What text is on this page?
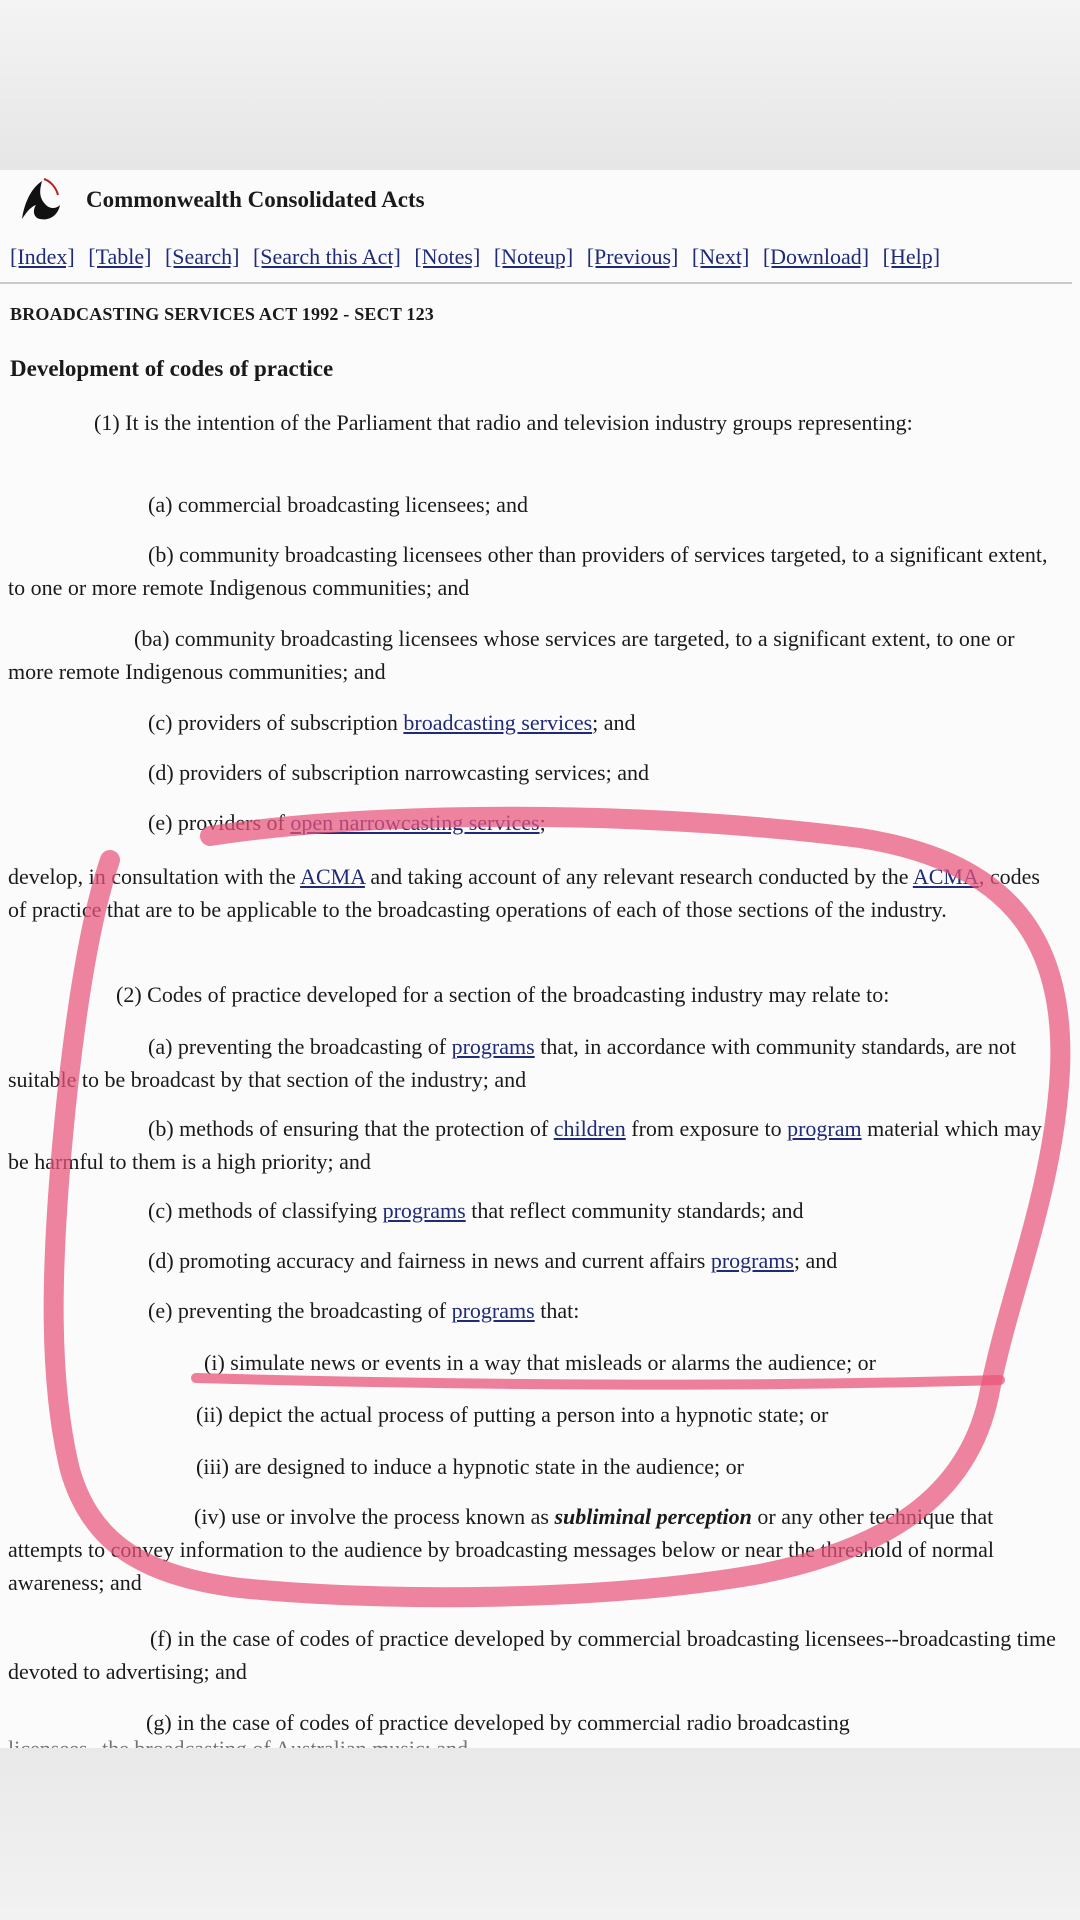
Commonwealth Consolidated Acts
[Index] [Table] [Search] [Search this Act] [Notes] [Noteup] [Previous] [Next] [Download] [Help]
BROADCASTING SERVICES ACT 1992 - SECT 123
Development of codes of practice

(1) It is the intention of the Parliament that radio and television industry groups representing:

(a) commercial broadcasting licensees; and

(b) community broadcasting licensees other than providers of services targeted, to a significant extent, to one or more remote Indigenous communities; and

(ba) community broadcasting licensees whose services are targeted, to a significant extent, to one or more remote Indigenous communities; and

(c) providers of subscription broadcasting services; and

(d) providers of subscription narrowcasting services; and

(e) providers of open narrowcasting services;

develop, in consultation with the ACMA and taking account of any relevant research conducted by the ACMA, codes of practice that are to be applicable to the broadcasting operations of each of those sections of the industry.

(2) Codes of practice developed for a section of the broadcasting industry may relate to:

(a) preventing the broadcasting of programs that, in accordance with community standards, are not suitable to be broadcast by that section of the industry; and

(b) methods of ensuring that the protection of children from exposure to program material which may be harmful to them is a high priority; and

(c) methods of classifying programs that reflect community standards; and

(d) promoting accuracy and fairness in news and current affairs programs; and

(e) preventing the broadcasting of programs that:

(i) simulate news or events in a way that misleads or alarms the audience; or

(ii) depict the actual process of putting a person into a hypnotic state; or

(iii) are designed to induce a hypnotic state in the audience; or

(iv) use or involve the process known as subliminal perception or any other technique that attempts to convey information to the audience by broadcasting messages below or near the threshold of normal awareness; and

(f) in the case of codes of practice developed by commercial broadcasting licensees--broadcasting time devoted to advertising; and

(g) in the case of codes of practice developed by commercial radio broadcasting
